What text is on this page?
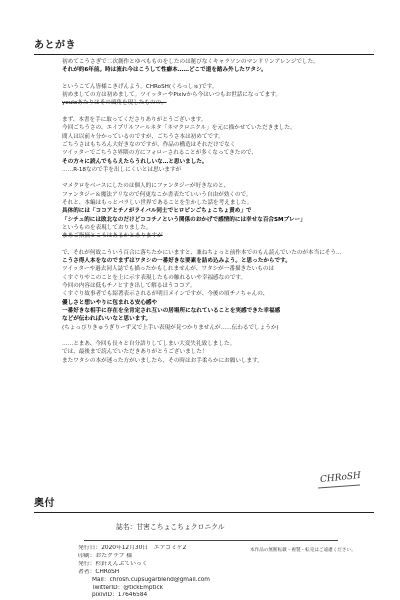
あとがき
初めてこうさぎで二次創作とゆべもものをしたのは秘びなくキャラソンのマンドリンアレンジでした。
それが約6年前。時は流れ今はこうして性癖本……どこで道を踏み外したワタシ。

というこてん皆様こきげんよう。CHRoSH(くろっしゅ)です。
初めましての方は初めまして。ツイッターやPixivから今はいつもお世話になってます。
yeuloあたりはその頭角を現したものの。

まず、本書を手に取ってくださりありがとうございます。
今回ごちうさの、エイプリルフールネタ「ネマクロニクル」を元に描かせていただきました。
間人は以前々分かっているのですが、ごちうさ本は初めてです。
ごちうさはもちろん大好きなのですが、作品の構造はそれだけでなく
ツイッターでごちうさ界隈の方にフォローされることが多くなってきたので、
その方々に読んでもらえたらうれしいな…と思いました。
……R-18なので手を出しにくいとは思いますが

マメクロをベースにしたのは個人的にファンタジーが好きなのと、
ファンタジー＆魔法アリなので何更なこか書表たていいう自由が効くので。
それと、本編はもっとバラしい世界であることを生かした話を考えました。
具体的には「ココアとチノがライバル同士でヒロピンごちょこちょ責め」で
「シチュ的には敗北なのだけどココチノという関係のおかげで感情的には幸せな百合SMプレー」
というものを表現しておりました。
まあご指摘ところはあるかとありますが

で、それが何故こういう百合に落ちたかにいますと、兼ねちょっと前作本でのもん読んでいたのが本当にそう…
こうさ得人本をなのでまずはワタシの一番好きな要素を詰め込みよう。と思ったからです。
ツイッターや過去同人誌でも描ったかもしれませんが、ワタシが一番描きたいものは
くすぐりやこのことを上に示す表現したもの触れるいや幸福感なのです。
今回の内容は低もチノとすき出して解るほうココア。
くすぐり故事者でも紹著表示されるが明日メインですが、今後の頃チノちゃんの、
優しさと想いやりに包まれる安心感や
一番好きな相手に存在を全肯定され互いの居場所になれていることを実感できた幸福感
などが伝わればいいなと思います。
(ちょっぴりきゅうぎりーず又で上手い表現が見つかりませんが……伝わるでしょうか)

……とまあ、今回も長々と自分語りしてしまい大変失礼致しました。
では、最後まで読んでいただきありがとうございました！
またワタシの本が迷った方がいましたら、その時はお手柔らかにお願いします。
CHRoSH
奥付
誌名：甘害こちょこちょクロニクル
発行日：2020年12月30日　エアコミケ2
印刷：おたクラブ 様
発行：杉針えんぷていっく
著者：CHRoSH
Mail：chrosh.cupsugarblend@gmail.com
TwitterID：@tickEmptick
pixivID：17646584
本作品の無断転載・複製・転売はご遠慮ください。
